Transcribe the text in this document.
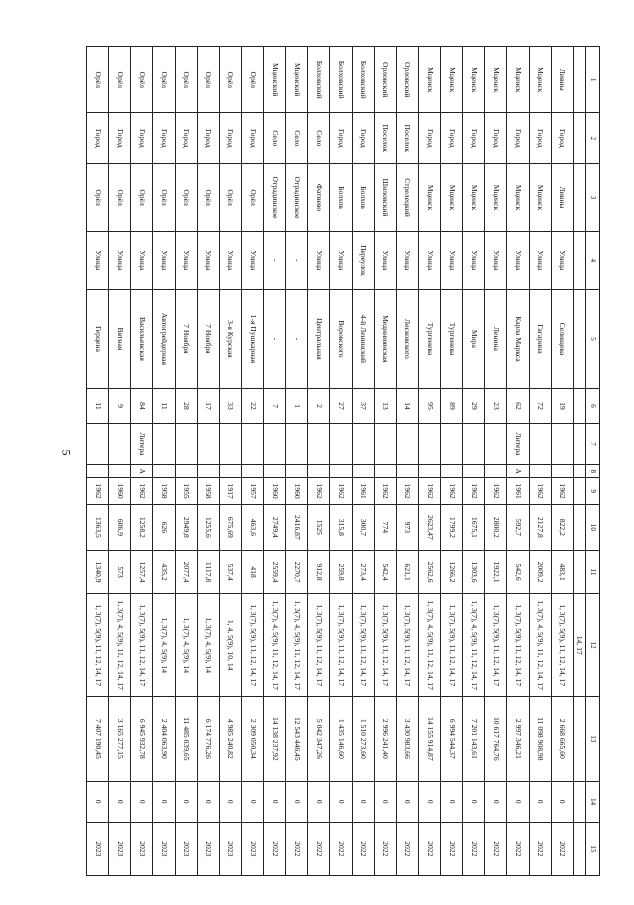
5
1	2	3	4	5	6	7	8	9	10	11	12	13	14	15
											14, 17			
Ливны	Город	Ливны	Улица	Селищева	19			1962	822,2	483,1	1, 3(7), 5(9), 11, 12, 14, 17	2 668 665,60	0	2022
Мценск	Город	Мценск	Улица	Гагарина	72			1962	2127,8	2009,2	1, 3(7), 4, 5(9), 11, 12, 14, 17	11 098 908,98	0	2022
Мценск	Город	Мценск	Улица	Карла Маркса	62	Литера	А	1961	592,7	542,6	1, 3(7), 5(9), 11, 12, 14, 17	2 997 346,21	0	2022
Мценск	Город	Мценск	Улица	Ленина	23			1962	2800,2	1922,1	1, 3(7), 5(9), 11, 12, 14, 17	10 617 764,76	0	2022
Мценск	Город	Мценск	Улица	Мира	29			1962	1675,1	1303,6	1, 3(7), 4, 5(9), 11, 12, 14, 17	7 201 143,61	0	2022
Мценск	Город	Мценск	Улица	Тургенева	89			1962	1799,2	1266,2	1, 3(7), 5(9), 11, 12, 14, 17	6 994 544,37	0	2022
Мценск	Город	Мценск	Улица	Тургенева	95			1962	2623,47	2562,6	1, 3(7), 4, 5(9), 11, 12, 14, 17	14 155 914,87	0	2022
Орловский	Поселок	Стрелецкий	Улица	Лесковского	14			1962	973	621,1	1, 3(7), 5(9), 11, 12, 14, 17	3 430 983,66	0	2022
Орловский	Поселок	Шиловский	Улица	Мединиянская	13			1962	774	542,4	1, 3(7), 5(9), 11, 12, 14, 17	2 996 241,40	0	2022
Болховский	Город	Болхов	Переулок	4-й Ленинский	37			1961	300,7	273,4	1, 3(7), 5(9), 11, 12, 14, 17	1 510 273,60	0	2022
Болховский	Город	Болхов	Улица	Воровского	27			1962	315,8	259,8	1, 3(7), 5(9), 11, 12, 14, 17	1 435 146,60	0	2022
Болховский	Село	Фатнево	Улица	Центральная	2			1962	1525	912,8	1, 3(7), 5(9), 11, 12, 14, 17	5 042 347,26	0	2022
Мценский	Село	Отрадинское	-	-	1			1960	2416,87	2270,7	1, 3(7), 4, 5(9), 11, 12, 14, 17	12 543 446,45	0	2022
Мценский	Село	Отрадинское	-	-	7			1960	2749,4	2559,4	1, 3(7), 4, 5(9), 11, 12, 14, 17	14 138 237,92	0	2022
Орёл	Город	Орёл	Улица	1-я Пушкарная	22			1957	463,6	418	1, 3(7), 5(9), 11, 12, 14, 17	2 309 050,34	0	2023
Орёл	Город	Орёл	Улица	3-я Курская	33			1917	675,69	537,4	1, 4, 5(9), 10, 14	4 985 240,82	0	2023
Орёл	Город	Орёл	Улица	7 Ноября	17			1958	1255,6	1117,8	1, 3(7), 4, 5(9), 14	6 174 776,26	0	2023
Орёл	Город	Орёл	Улица	7 Ноября	28			1955	2949,8	2077,4	1, 3(7), 4, 5(9), 14	11 485 039,65	0	2023
Орёл	Город	Орёл	Улица	Автогрейдерная	11			1958	626	435,2	1, 3(7), 4, 5(9), 14	2 404 063,90	0	2023
Орёл	Город	Орёл	Улица	Васильевская	84	Литера	А	1962	1258,2	1257,4	1, 3(7), 5(9), 11, 12, 14, 17	6 945 932,78	0	2023
Орёл	Город	Орёл	Улица	Вятная	9			1960	606,9	573	1, 3(7), 4, 5(9), 11, 12, 14, 17	3 165 277,15	0	2023
Орёл	Город	Орёл	Улица	Герцена	11			1962	1363,5	1340,9	1, 3(7), 5(9), 11, 12, 14, 17	7 407 190,45	0	2023
